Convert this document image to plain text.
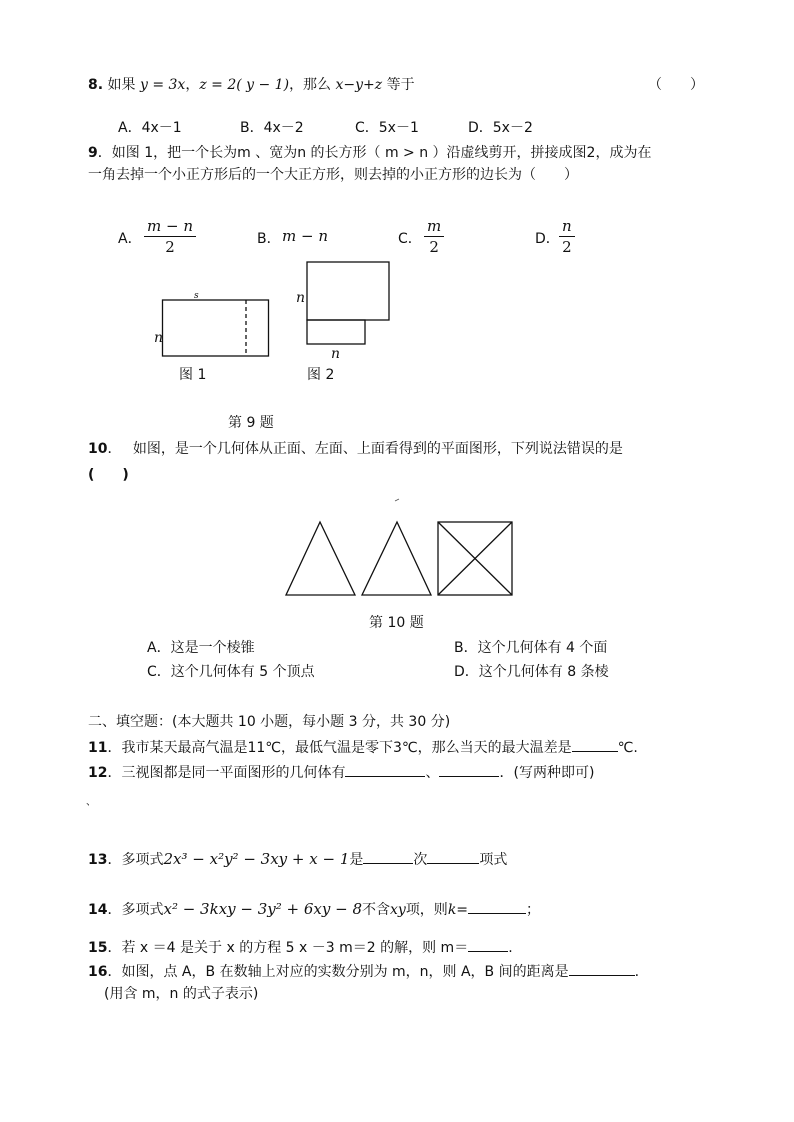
8. 如果 y = 3x，z = 2( y − 1)，那么 x−y+z 等于	（　　）
A．4x－1	B．4x－2	C．5x－1	D．5x－2
9．如图 1，把一个长为m 、宽为n 的长方形（ m > n ）沿虚线剪开，拼接成图2，成为在
一角去掉一个小正方形后的一个大正方形，则去掉的小正方形的边长为（　　）
A． $\frac{m - n}{2}$	B． m − n	C． $\frac{m}{2}$	D． $\frac{n}{2}$
s
n
n
n
图 1	图 2
第 9 题
10．　 如图，是一个几何体从正面、左面、上面看得到的平面图形，下列说法错误的是
(　　)
第 10 题
A．这是一个棱锥	B．这个几何体有 4 个面
C．这个几何体有 5 个顶点	D．这个几何体有 8 条棱
二、填空题：(本大题共 10 小题，每小题 3 分，共 30 分)
11．我市某天最高气温是11℃，最低气温是零下3℃，那么当天的最大温差是	℃.
12．三视图都是同一平面图形的几何体有	、	．(写两种即可)
、
13．多项式2x³ − x²y² − 3xy + x − 1是	次	项式
14．多项式x² − 3kxy − 3y² + 6xy − 8不含xy项，则k=	；
15．若 x ＝4 是关于 x 的方程 5 x －3 m＝2 的解，则 m＝	.
16．如图，点 A，B 在数轴上对应的实数分别为 m，n，则 A，B 间的距离是	.
(用含 m，n 的式子表示)
